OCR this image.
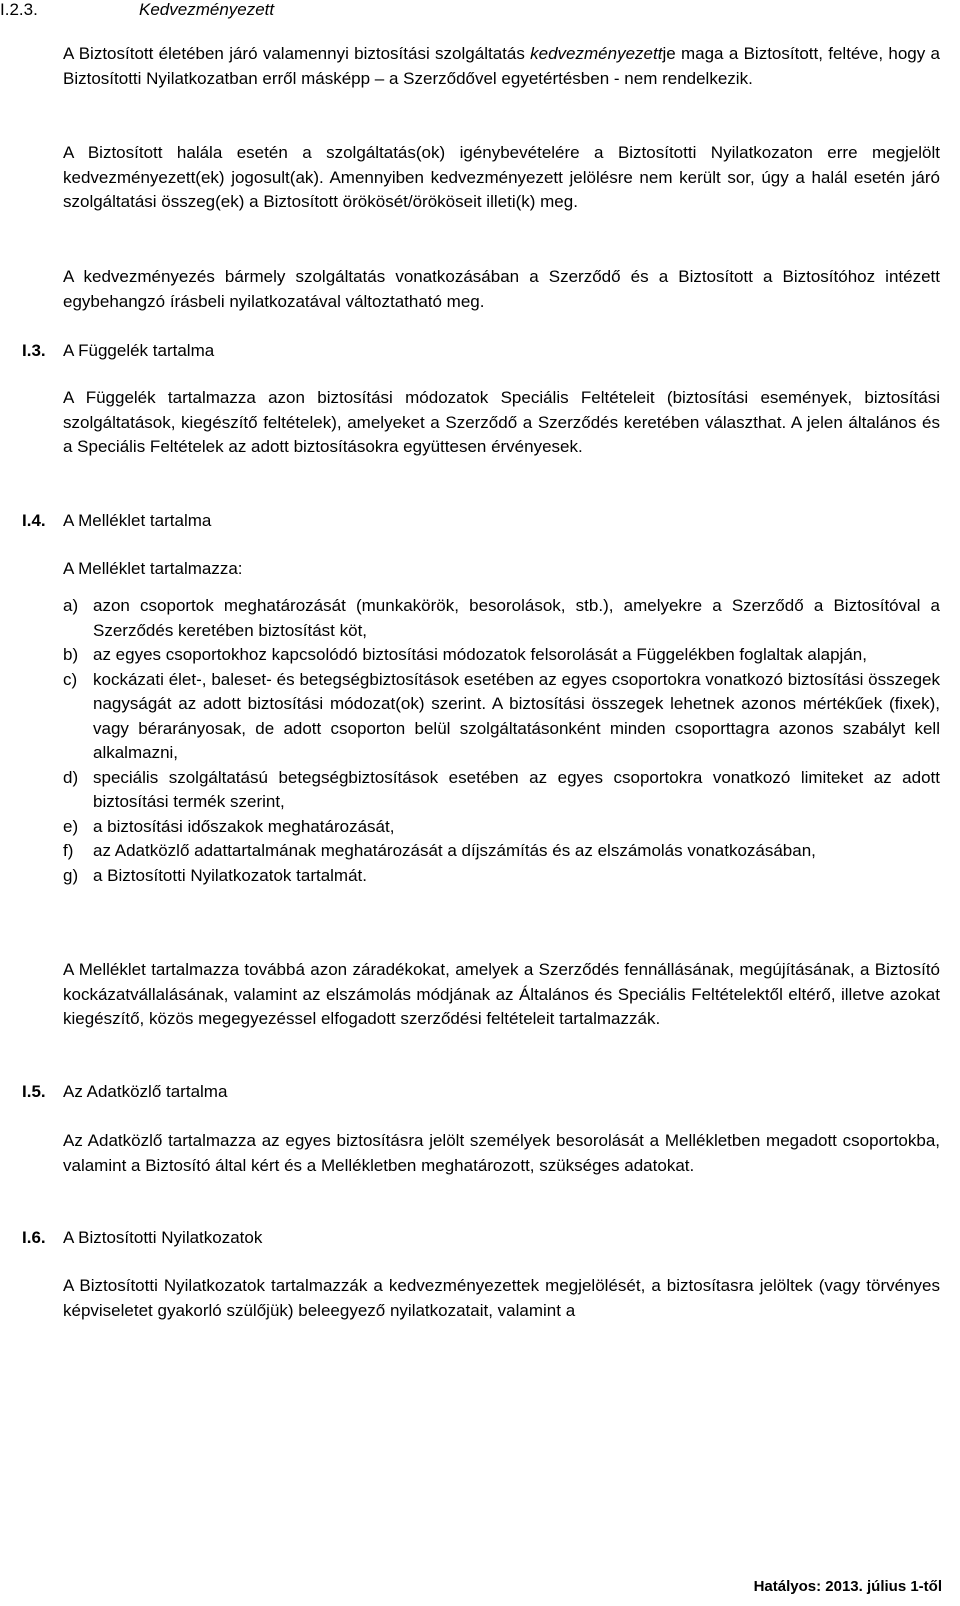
I.2.3.	Kedvezményezett

A Biztosított életében járó valamennyi biztosítási szolgáltatás kedvezményezettje maga a Biztosított, feltéve, hogy a Biztosítotti Nyilatkozatban erről másképp – a Szerződővel egyetértésben - nem rendelkezik.

A Biztosított halála esetén a szolgáltatás(ok) igénybevételére a Biztosítotti Nyilatkozaton erre megjelölt kedvezményezett(ek) jogosult(ak). Amennyiben kedvezményezett jelölésre nem került sor, úgy a halál esetén járó szolgáltatási összeg(ek) a Biztosított örökösét/örököseit illeti(k) meg.

A kedvezményezés bármely szolgáltatás vonatkozásában a Szerződő és a Biztosított a Biztosítóhoz intézett egybehangzó írásbeli nyilatkozatával változtatható meg.

I.3. A Függelék tartalma

A Függelék tartalmazza azon biztosítási módozatok Speciális Feltételeit (biztosítási események, biztosítási szolgáltatások, kiegészítő feltételek), amelyeket a Szerződő a Szerződés keretében választhat. A jelen általános és a Speciális Feltételek az adott biztosításokra együttesen érvényesek.

I.4. A Melléklet tartalma

A Melléklet tartalmazza:

a) azon csoportok meghatározását (munkakörök, besorolások, stb.), amelyekre a Szerződő a Biztosítóval a Szerződés keretében biztosítást köt,
b) az egyes csoportokhoz kapcsolódó biztosítási módozatok felsorolását a Függelékben foglaltak alapján,
c) kockázati élet-, baleset- és betegségbiztosítások esetében az egyes csoportokra vonatkozó biztosítási összegek nagyságát az adott biztosítási módozat(ok) szerint. A biztosítási összegek lehetnek azonos mértékűek (fixek), vagy bérarányosak, de adott csoporton belül szolgáltatásonként minden csoporttagra azonos szabályt kell alkalmazni,
d) speciális szolgáltatású betegségbiztosítások esetében az egyes csoportokra vonatkozó limiteket az adott biztosítási termék szerint,
e) a biztosítási időszakok meghatározását,
f) az Adatközlő adattartalmának meghatározását a díjszámítás és az elszámolás vonatkozásában,
g) a Biztosítotti Nyilatkozatok tartalmát.

A Melléklet tartalmazza továbbá azon záradékokat, amelyek a Szerződés fennállásának, megújításának, a Biztosító kockázatvállalásának, valamint az elszámolás módjának az Általános és Speciális Feltételektől eltérő, illetve azokat kiegészítő, közös megegyezéssel elfogadott szerződési feltételeit tartalmazzák.

I.5. Az Adatközlő tartalma

Az Adatközlő tartalmazza az egyes biztosításra jelölt személyek besorolását a Mellékletben megadott csoportokba, valamint a Biztosító által kért és a Mellékletben meghatározott, szükséges adatokat.

I.6. A Biztosítotti Nyilatkozatok

A Biztosítotti Nyilatkozatok tartalmazzák a kedvezményezettek megjelölését, a biztosítasra jelöltek (vagy törvényes képviseletet gyakorló szülőjük) beleegyező nyilatkozatait, valamint a

Hatályos: 2013. július 1-től
